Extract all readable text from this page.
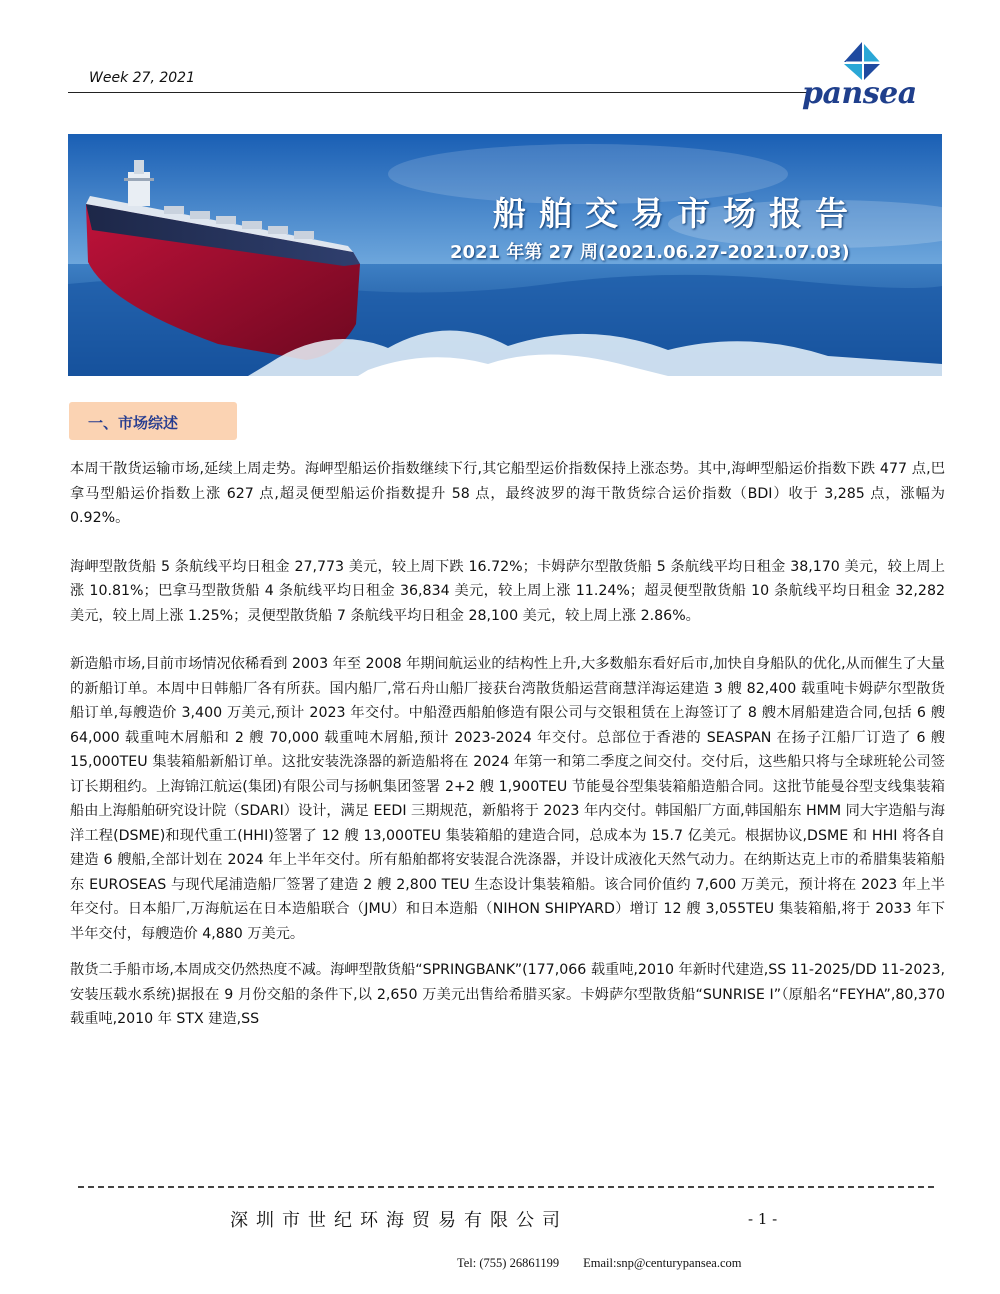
Week 27, 2021	pansea
船舶交易市场报告
2021 年第 27 周(2021.06.27-2021.07.03)
一、市场综述

本周干散货运输市场,延续上周走势。海岬型船运价指数继续下行,其它船型运价指数保持上涨态势。其中,海岬型船运价指数下跌 477 点,巴拿马型船运价指数上涨 627 点,超灵便型船运价指数提升 58 点，最终波罗的海干散货综合运价指数（BDI）收于 3,285 点，涨幅为 0.92%。

海岬型散货船 5 条航线平均日租金 27,773 美元，较上周下跌 16.72%；卡姆萨尔型散货船 5 条航线平均日租金 38,170 美元，较上周上涨 10.81%；巴拿马型散货船 4 条航线平均日租金 36,834 美元，较上周上涨 11.24%；超灵便型散货船 10 条航线平均日租金 32,282 美元，较上周上涨 1.25%；灵便型散货船 7 条航线平均日租金 28,100 美元，较上周上涨 2.86%。

新造船市场,目前市场情况依稀看到 2003 年至 2008 年期间航运业的结构性上升,大多数船东看好后市,加快自身船队的优化,从而催生了大量的新船订单。本周中日韩船厂各有所获。国内船厂,常石舟山船厂接获台湾散货船运营商慧洋海运建造 3 艘 82,400 载重吨卡姆萨尔型散货船订单,每艘造价 3,400 万美元,预计 2023 年交付。中船澄西船舶修造有限公司与交银租赁在上海签订了 8 艘木屑船建造合同,包括 6 艘 64,000 载重吨木屑船和 2 艘 70,000 载重吨木屑船,预计 2023-2024 年交付。总部位于香港的 SEASPAN 在扬子江船厂订造了 6 艘 15,000TEU 集装箱船新船订单。这批安装洗涤器的新造船将在 2024 年第一和第二季度之间交付。交付后，这些船只将与全球班轮公司签订长期租约。上海锦江航运(集团)有限公司与扬帆集团签署 2+2 艘 1,900TEU 节能曼谷型集装箱船造船合同。这批节能曼谷型支线集装箱船由上海船舶研究设计院（SDARI）设计，满足 EEDI 三期规范，新船将于 2023 年内交付。韩国船厂方面,韩国船东 HMM 同大宇造船与海洋工程(DSME)和现代重工(HHI)签署了 12 艘 13,000TEU 集装箱船的建造合同，总成本为 15.7 亿美元。根据协议,DSME 和 HHI 将各自建造 6 艘船,全部计划在 2024 年上半年交付。所有船舶都将安装混合洗涤器，并设计成液化天然气动力。在纳斯达克上市的希腊集装箱船东 EUROSEAS 与现代尾浦造船厂签署了建造 2 艘 2,800 TEU 生态设计集装箱船。该合同价值约 7,600 万美元，预计将在 2023 年上半年交付。日本船厂,万海航运在日本造船联合（JMU）和日本造船（NIHON SHIPYARD）增订 12 艘 3,055TEU 集装箱船,将于 2033 年下半年交付，每艘造价 4,880 万美元。

散货二手船市场,本周成交仍然热度不减。海岬型散货船“SPRINGBANK”(177,066 载重吨,2010 年新时代建造,SS 11-2025/DD 11-2023,安装压载水系统)据报在 9 月份交船的条件下,以 2,650 万美元出售给希腊买家。卡姆萨尔型散货船“SUNRISE I”（原船名“FEYHA”,80,370 载重吨,2010 年 STX 建造,SS

深圳市世纪环海贸易有限公司	- 1 -
Tel: (755) 26861199 Email:snp@centurypansea.com
